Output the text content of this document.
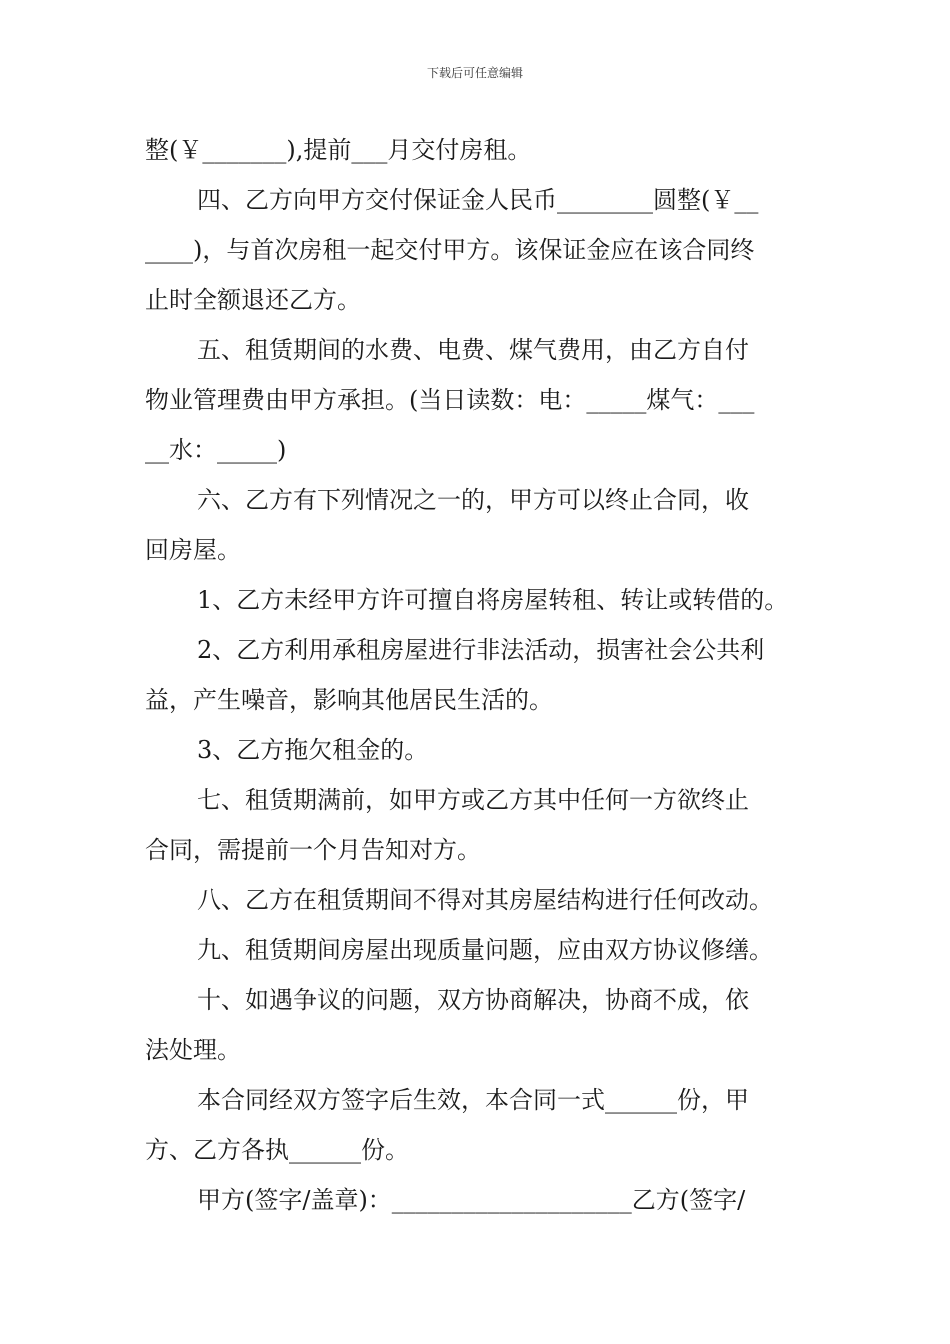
下载后可任意编辑
整(￥_______),提前___月交付房租。
四、乙方向甲方交付保证金人民币________圆整(￥__
____)，与首次房租一起交付甲方。该保证金应在该合同终
止时全额退还乙方。
五、租赁期间的水费、电费、煤气费用，由乙方自付
物业管理费由甲方承担。(当日读数：电：_____煤气：___
__水：_____)
六、乙方有下列情况之一的，甲方可以终止合同，收
回房屋。
1、乙方未经甲方许可擅自将房屋转租、转让或转借的。
2、乙方利用承租房屋进行非法活动，损害社会公共利
益，产生噪音，影响其他居民生活的。
3、乙方拖欠租金的。
七、租赁期满前，如甲方或乙方其中任何一方欲终止
合同，需提前一个月告知对方。
八、乙方在租赁期间不得对其房屋结构进行任何改动。
九、租赁期间房屋出现质量问题，应由双方协议修缮。
十、如遇争议的问题，双方协商解决，协商不成，依
法处理。
本合同经双方签字后生效，本合同一式______份，甲
方、乙方各执______份。
甲方(签字/盖章)：____________________乙方(签字/
